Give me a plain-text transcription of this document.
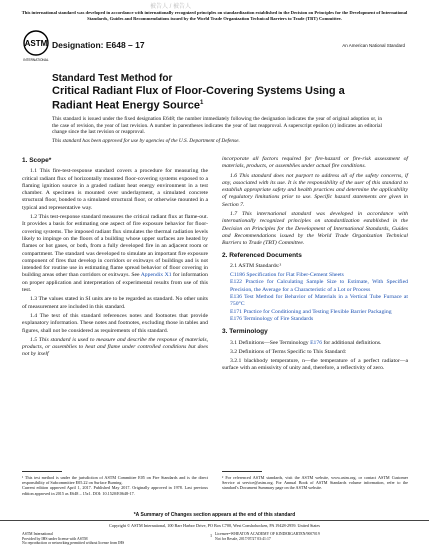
被告人 / 被告人
This international standard was developed in accordance with internationally recognized principles on standardization established in the Decision on Principles for the Development of International Standards, Guides and Recommendations issued by the World Trade Organization Technical Barriers to Trade (TBT) Committee.
ASTM
INTERNATIONAL
Designation: E648 – 17	An American National Standard
Standard Test Method for
Critical Radiant Flux of Floor-Covering Systems Using a Radiant Heat Energy Source$^1$
This standard is issued under the fixed designation E648; the number immediately following the designation indicates the year of original adoption or, in the case of revision, the year of last revision. A number in parentheses indicates the year of last reapproval. A superscript epsilon (ε) indicates an editorial change since the last revision or reapproval.
This standard has been approved for use by agencies of the U.S. Department of Defense.
1. Scope*

1.1 This fire-test-response standard covers a procedure for measuring the critical radiant flux of horizontally mounted floor-covering systems exposed to a flaming ignition source in a graded radiant heat energy environment in a test chamber. A specimen is mounted over underlayment, a simulated concrete structural floor, bonded to a simulated structural floor, or otherwise mounted in a typical and representative way.

1.2 This test-response standard measures the critical radiant flux at flame-out. It provides a basis for estimating one aspect of fire exposure behavior for floor-covering systems. The imposed radiant flux simulates the thermal radiation levels likely to impinge on the floors of a building whose upper surfaces are heated by flames or hot gases, or both, from a fully developed fire in an adjacent room or compartment. The standard was developed to simulate an important fire exposure component of fires that develop in corridors or exitways of buildings and is not intended for routine use in estimating flame spread behavior of floor covering in building areas other than corridors or exitways. See Appendix X1 for information on proper application and interpretation of experimental results from use of this test.

1.3 The values stated in SI units are to be regarded as standard. No other units of measurement are included in this standard.

1.4 The text of this standard references notes and footnotes that provide explanatory information. These notes and footnotes, excluding those in tables and figures, shall not be considered as requirements of this standard.

1.5 This standard is used to measure and describe the response of materials, products, or assemblies to heat and flame under controlled conditions but does not by itself

incorporate all factors required for fire-hazard or fire-risk assessment of materials, products, or assemblies under actual fire conditions.

1.6 This standard does not purport to address all of the safety concerns, if any, associated with its use. It is the responsibility of the user of this standard to establish appropriate safety and health practices and determine the applicability of regulatory limitations prior to use. Specific hazard statements are given in Section 7.

1.7 This international standard was developed in accordance with internationally recognized principles on standardization established in the Decision on Principles for the Development of International Standards, Guides and Recommendations issued by the World Trade Organization Technical Barriers to Trade (TBT) Committee.

2. Referenced Documents

2.1 ASTM Standards:²

C1186 Specification for Flat Fiber-Cement Sheets

E122 Practice for Calculating Sample Size to Estimate, With Specified Precision, the Average for a Characteristic of a Lot or Process

E136 Test Method for Behavior of Materials in a Vertical Tube Furnace at 750°C

E171 Practice for Conditioning and Testing Flexible Barrier Packaging

E176 Terminology of Fire Standards

3. Terminology

3.1 Definitions—See Terminology E176 for additional definitions.

3.2 Definitions of Terms Specific to This Standard:

3.2.1 blackbody temperature, n—the temperature of a perfect radiator—a surface with an emissivity of unity and, therefore, a reflectivity of zero.

¹ This test method is under the jurisdiction of ASTM Committee E05 on Fire Standards and is the direct responsibility of Subcommittee E05.22 on Surface Burning.
Current edition approved April 1, 2017. Published May 2017. Originally approved in 1978. Last previous edition approved in 2015 as E648 – 15ε1. DOI: 10.1520/E0648-17.
² For referenced ASTM standards, visit the ASTM website, www.astm.org, or contact ASTM Customer Service at service@astm.org. For Annual Book of ASTM Standards volume information, refer to the standard's Document Summary page on the ASTM website.
*A Summary of Changes section appears at the end of this standard
Copyright © ASTM International, 100 Barr Harbor Drive, PO Box C700, West Conshohocken, PA 19428-2959. United States
ASTM International
Provided by IHS under license with ASTM
No reproduction or networking permitted without license from IHS
1 Licensee=WHEATON ACADEMY OF KINDERGARTEN/9007019
Not for Resale, 2017/07/27 03:41:17
